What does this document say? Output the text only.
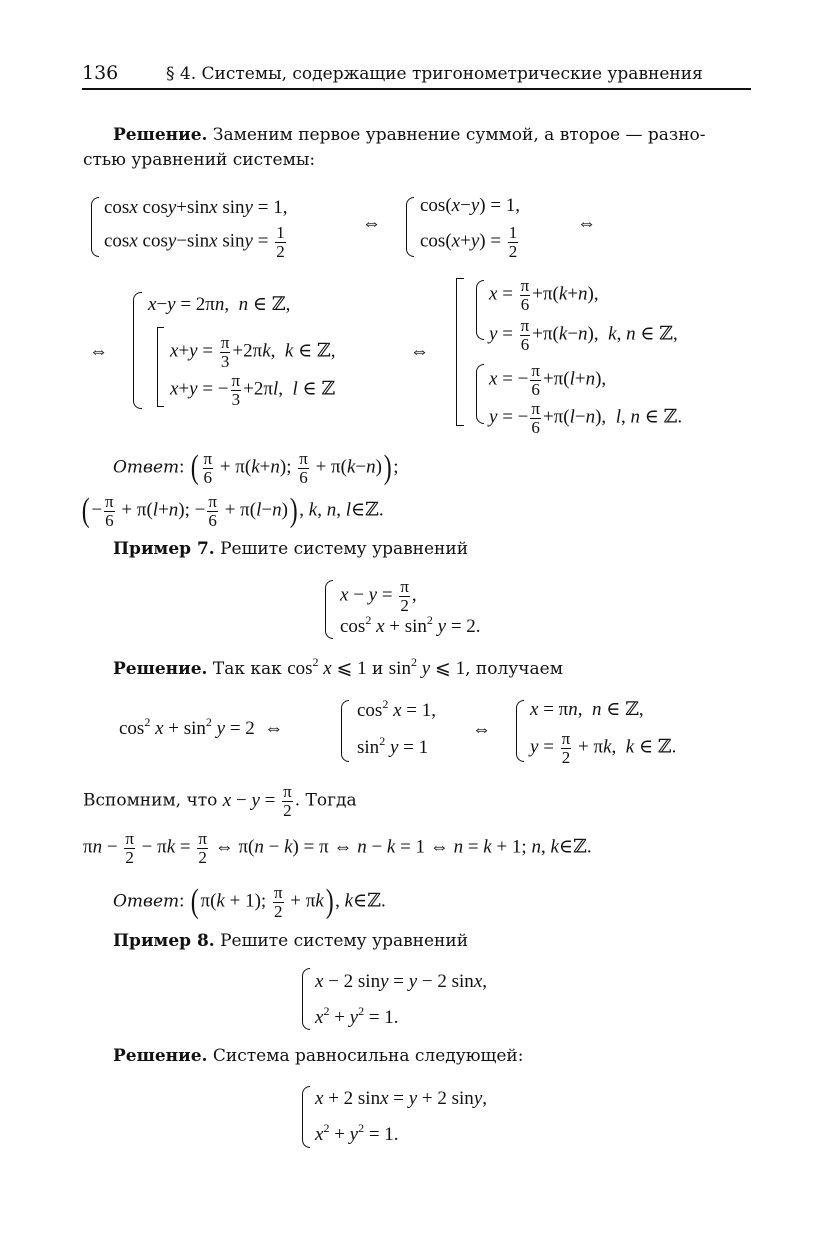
136	§ 4. Системы, содержащие тригонометрические уравнения
Решение. Заменим первое уравнение суммой, а второе — разно-
стью уравнений системы:
cosx cosy+sinx siny = 1,
cosx cosy−sinx $\sin y = \frac{1}{2}$
⇔
cos(x−y) = 1,
$\cos(x+y) = \frac{1}{2}$
⇔
⇔
x−y = 2πn,  n ∈ ℤ,
$x+y = \frac{\pi}{3} +2\pi k$,  k ∈ ℤ,
x+y = − $\frac{\pi}{3} +2\pi l$,  l ∈ ℤ
⇔
$x = \frac{\pi}{6} +\pi(k+n)$,
$y = \frac{\pi}{6} +\pi(k-n)$,  k, n ∈ ℤ,
x = − $\frac{\pi}{6} +\pi(l+n)$,
y = − $\frac{\pi}{6} +\pi(l-n)$,  l, n ∈ ℤ.
Ответ: ( $\frac{\pi}{6} + \pi(k+n)$; $\frac{\pi}{6} + \pi(k-n)$);
(− $\frac{\pi}{6} + \pi(l+n)$; − $\frac{\pi}{6} + \pi(l-n)$), k, n, l∈ℤ.
Пример 7. Решите систему уравнений
$x - y = \frac{\pi}{2}$ ,
$\cos^2 x + \sin^2 y = 2$.
Решение. Так как $\cos^2 x$ ⩽ 1 и $\sin^2 y$ ⩽ 1, получаем
$\cos^2 x + \sin^2 y = 2$  ⇔
$\cos^2 x = 1$,
$\sin^2 y = 1$
⇔
x = πn,  n ∈ ℤ,
$y = \frac{\pi}{2} + \pi k$,  k ∈ ℤ.
Вспомним, что $x - y = \frac{\pi}{2}$ . Тогда
$\pi n - \frac{\pi}{2} - \pi k = \frac{\pi}{2}$ ⇔ π(n − k) = π ⇔ n − k = 1 ⇔ n = k + 1; n, k∈ℤ.
Ответ: (π(k + 1); $\frac{\pi}{2} + \pi k$), k∈ℤ.
Пример 8. Решите систему уравнений
x − 2 siny = y − 2 sinx,
$x^2 + y^2 = 1$.
Решение. Система равносильна следующей:
x + 2 sinx = y + 2 siny,
$x^2 + y^2 = 1$.
